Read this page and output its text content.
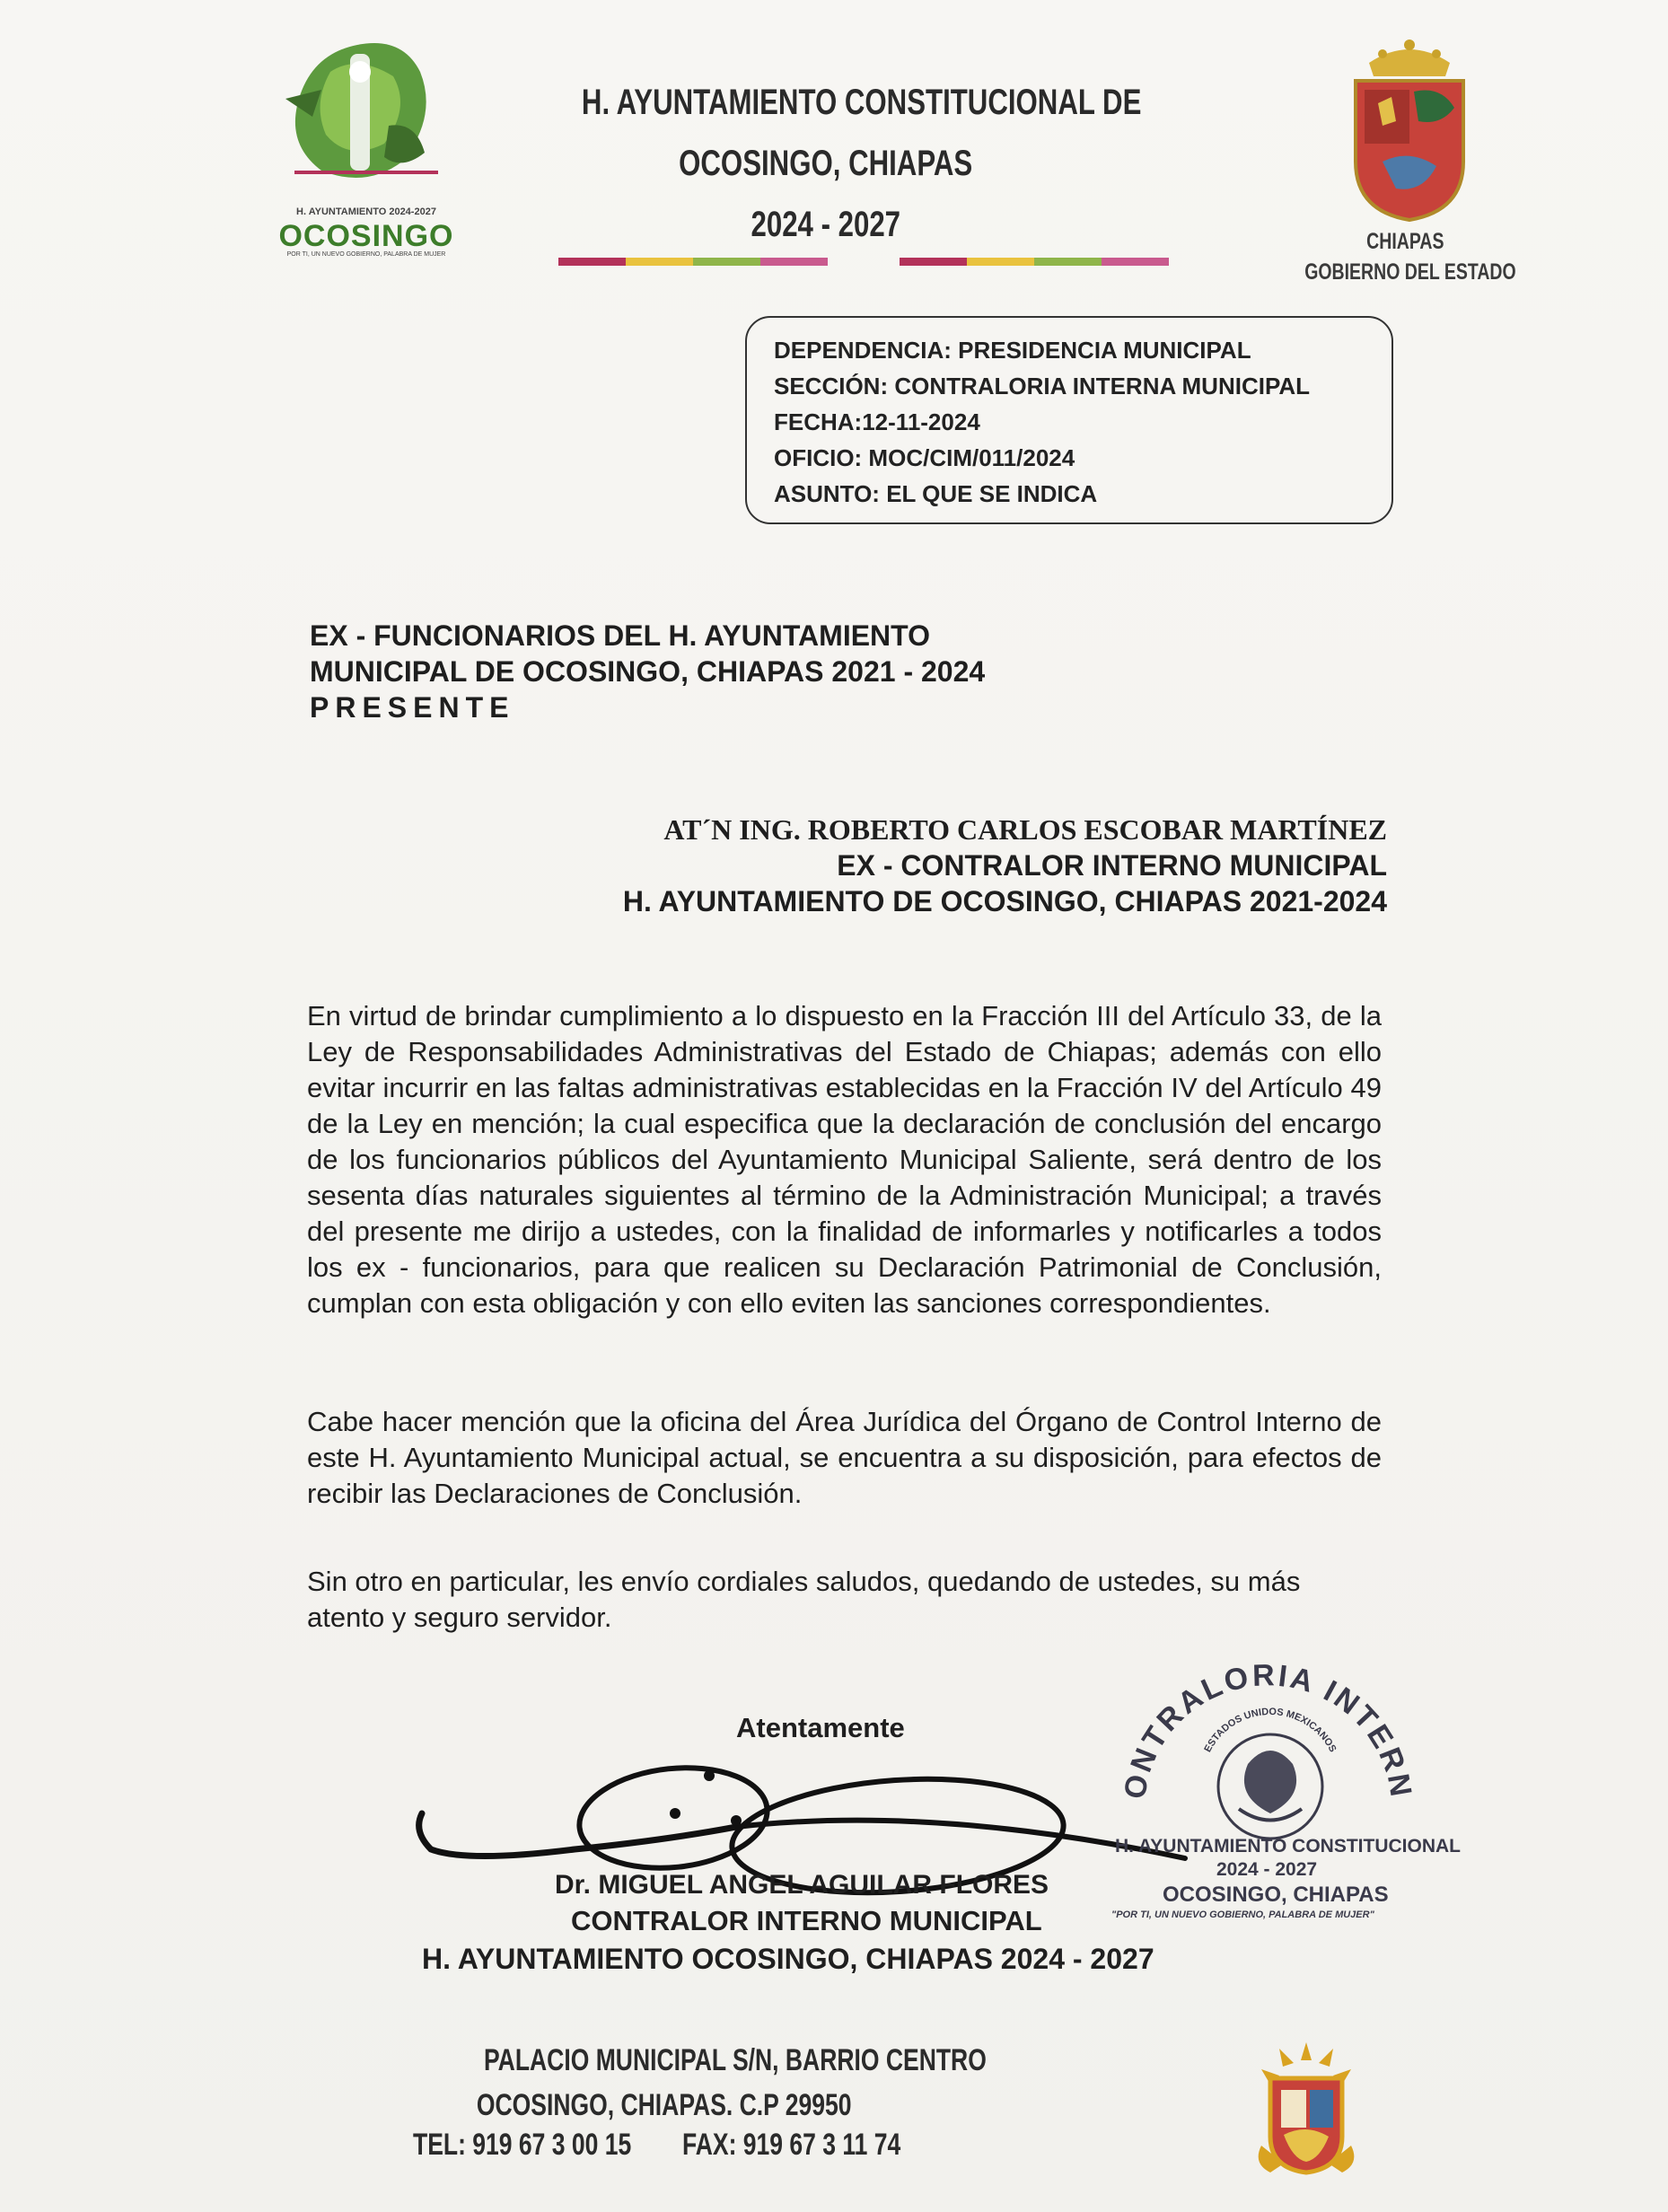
H. AYUNTAMIENTO 2024-2027
OCOSINGO
POR TI, UN NUEVO GOBIERNO, PALABRA DE MUJER
H. AYUNTAMIENTO CONSTITUCIONAL DE
OCOSINGO, CHIAPAS
2024 - 2027	CHIAPAS
GOBIERNO DEL ESTADO
DEPENDENCIA: PRESIDENCIA MUNICIPAL
SECCIÓN: CONTRALORIA INTERNA MUNICIPAL
FECHA:12-11-2024
OFICIO: MOC/CIM/011/2024
ASUNTO: EL QUE SE INDICA
EX - FUNCIONARIOS DEL H. AYUNTAMIENTO
MUNICIPAL DE OCOSINGO, CHIAPAS 2021 - 2024
PRESENTE
AT´N ING. ROBERTO CARLOS ESCOBAR MARTÍNEZ
EX - CONTRALOR INTERNO MUNICIPAL
H. AYUNTAMIENTO DE OCOSINGO, CHIAPAS 2021-2024
En virtud de brindar cumplimiento a lo dispuesto en la Fracción III del Artículo 33, de la Ley de Responsabilidades Administrativas del Estado de Chiapas; además con ello evitar incurrir en las faltas administrativas establecidas en la Fracción IV del Artículo 49 de la Ley en mención; la cual especifica que la declaración de conclusión del encargo de los funcionarios públicos del Ayuntamiento Municipal Saliente, será dentro de los sesenta días naturales siguientes al término de la Administración Municipal; a través del presente me dirijo a ustedes, con la finalidad de informarles y notificarles a todos los ex - funcionarios, para que realicen su Declaración Patrimonial de Conclusión, cumplan con esta obligación y con ello eviten las sanciones correspondientes.
Cabe hacer mención que la oficina del Área Jurídica del Órgano de Control Interno de este H. Ayuntamiento Municipal actual, se encuentra a su disposición, para efectos de recibir las Declaraciones de Conclusión.
Sin otro en particular, les envío cordiales saludos, quedando de ustedes, su más atento y seguro servidor.
Atentamente
Dr. MIGUEL ANGEL AGUILAR FLORES
CONTRALOR INTERNO MUNICIPAL
H. AYUNTAMIENTO OCOSINGO, CHIAPAS 2024 - 2027
ONTRALORIA INTERN
ESTADOS UNIDOS MEXICANOS
H. AYUNTAMIENTO CONSTITUCIONAL
2024 - 2027
OCOSINGO, CHIAPAS
"POR TI, UN NUEVO GOBIERNO, PALABRA DE MUJER"
PALACIO MUNICIPAL S/N, BARRIO CENTRO
OCOSINGO, CHIAPAS. C.P 29950
TEL: 919 67 3 00 15 FAX: 919 67 3 11 74
